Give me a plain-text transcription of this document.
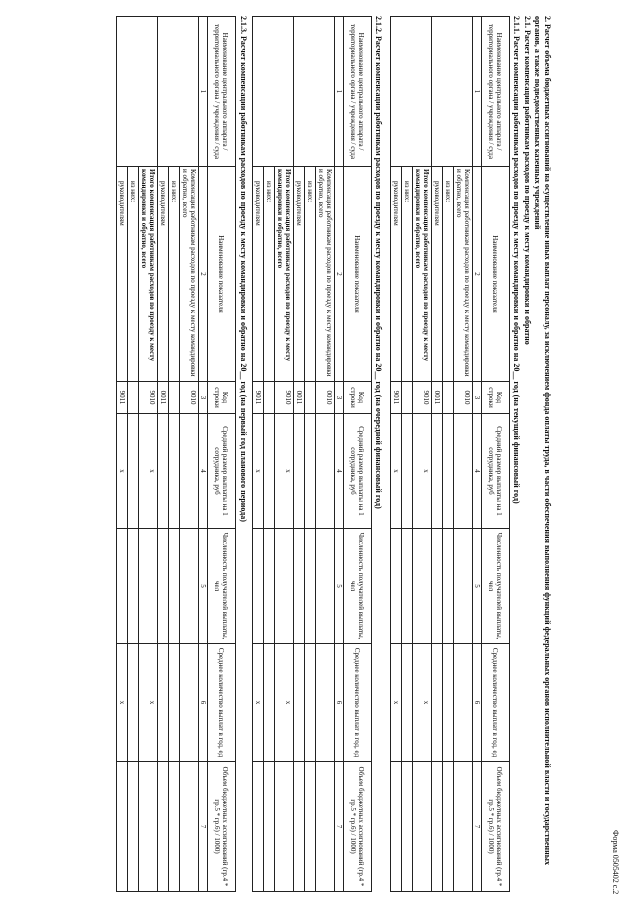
Форма 0505402 с.2
2. Расчет объема бюджетных ассигнований на осуществление иных выплат персоналу, за исключением фонда оплаты труда, в части обеспечения выполнения функций федеральных органов исполнительной власти и государственных органов, а также подведомственных казенных учреждений
2.1. Расчет компенсации работникам расходов по проезду к месту командировки и обратно
2.1.1. Расчет компенсации работникам расходов по проезду к месту командировки и обратно на 20__ год (на текущий финансовый год)
Наименование центрального аппарата / территориального органа / учреждения / суда	Наименование показателя	Код строки	Средний размер выплаты на 1 сотрудника, руб	Численность получателей выплаты, чел	Среднее количество выплат в год, ед	Объем бюджетных ассигнований (гр.4 * гр.5 * гр.6) / 1000)
1	2	3	4	5	6	7
	Компенсация работникам расходов по проезду к месту командировки и обратно, всего	0010				
	из них:					
	руководителям	0011				
	Итого компенсация работникам расходов по проезду к месту командировки и обратно, всего	9010	x		x	
	из них:					
	руководителям	9011	x		x	
2.1.2. Расчет компенсации работникам расходов по проезду к месту командировки и обратно на 20__ год (на очередной финансовый год)
Наименование центрального аппарата / территориального органа / учреждения / суда	Наименование показателя	Код строки	Средний размер выплаты на 1 сотрудника, руб	Численность получателей выплаты, чел	Среднее количество выплат в год, ед	Объем бюджетных ассигнований (гр.4 * гр.5 * гр.6) / 1000)
1	2	3	4	5	6	7
	Компенсация работникам расходов по проезду к месту командировки и обратно, всего	0010				
	из них:					
	руководителям	0011				
	Итого компенсация работникам расходов по проезду к месту командировки и обратно, всего	9010	x		x	
	из них:					
	руководителям	9011	x		x	
2.1.3. Расчет компенсации работникам расходов по проезду к месту командировки и обратно на 20__ год (на первый год планового периода)
Наименование центрального аппарата / территориального органа / учреждения / суда	Наименование показателя	Код строки	Средний размер выплаты на 1 сотрудника, руб	Численность получателей выплаты, чел	Среднее количество выплат в год, ед	Объем бюджетных ассигнований (гр.4 * гр.5 * гр.6) / 1000)
1	2	3	4	5	6	7
	Компенсация работникам расходов по проезду к месту командировки и обратно, всего	0010				
	из них:					
	руководителям	0011				
	Итого компенсация работникам расходов по проезду к месту командировки и обратно, всего	9010	x		x	
	из них:					
	руководителям	9011	x		x	
